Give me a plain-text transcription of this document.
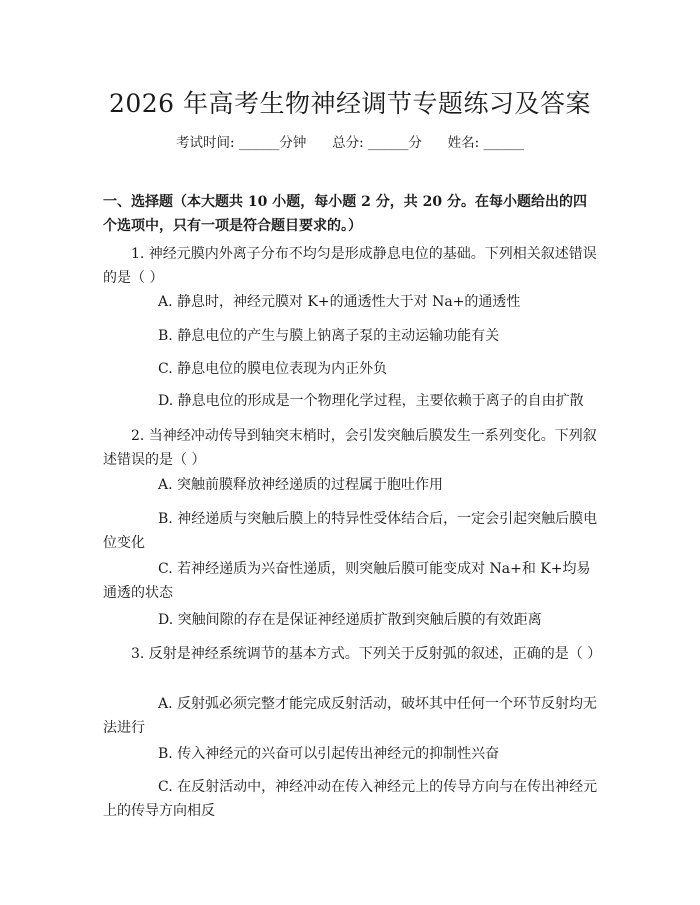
2026 年高考生物神经调节专题练习及答案
考试时间: ______分钟      总分: ______分      姓名: ______
一、选择题（本大题共 10 小题，每小题 2 分，共 20 分。在每小题给出的四个选项中，只有一项是符合题目要求的。）
1. 神经元膜内外离子分布不均匀是形成静息电位的基础。下列相关叙述错误的是（ ）
A. 静息时，神经元膜对 K+的通透性大于对 Na+的通透性
B. 静息电位的产生与膜上钠离子泵的主动运输功能有关
C. 静息电位的膜电位表现为内正外负
D. 静息电位的形成是一个物理化学过程，主要依赖于离子的自由扩散
2. 当神经冲动传导到轴突末梢时，会引发突触后膜发生一系列变化。下列叙述错误的是（ ）
A. 突触前膜释放神经递质的过程属于胞吐作用
B. 神经递质与突触后膜上的特异性受体结合后，一定会引起突触后膜电位变化
C. 若神经递质为兴奋性递质，则突触后膜可能变成对 Na+和 K+均易通透的状态
D. 突触间隙的存在是保证神经递质扩散到突触后膜的有效距离
3. 反射是神经系统调节的基本方式。下列关于反射弧的叙述，正确的是（ ）
A. 反射弧必须完整才能完成反射活动，破坏其中任何一个环节反射均无法进行
B. 传入神经元的兴奋可以引起传出神经元的抑制性兴奋
C. 在反射活动中，神经冲动在传入神经元上的传导方向与在传出神经元上的传导方向相反
